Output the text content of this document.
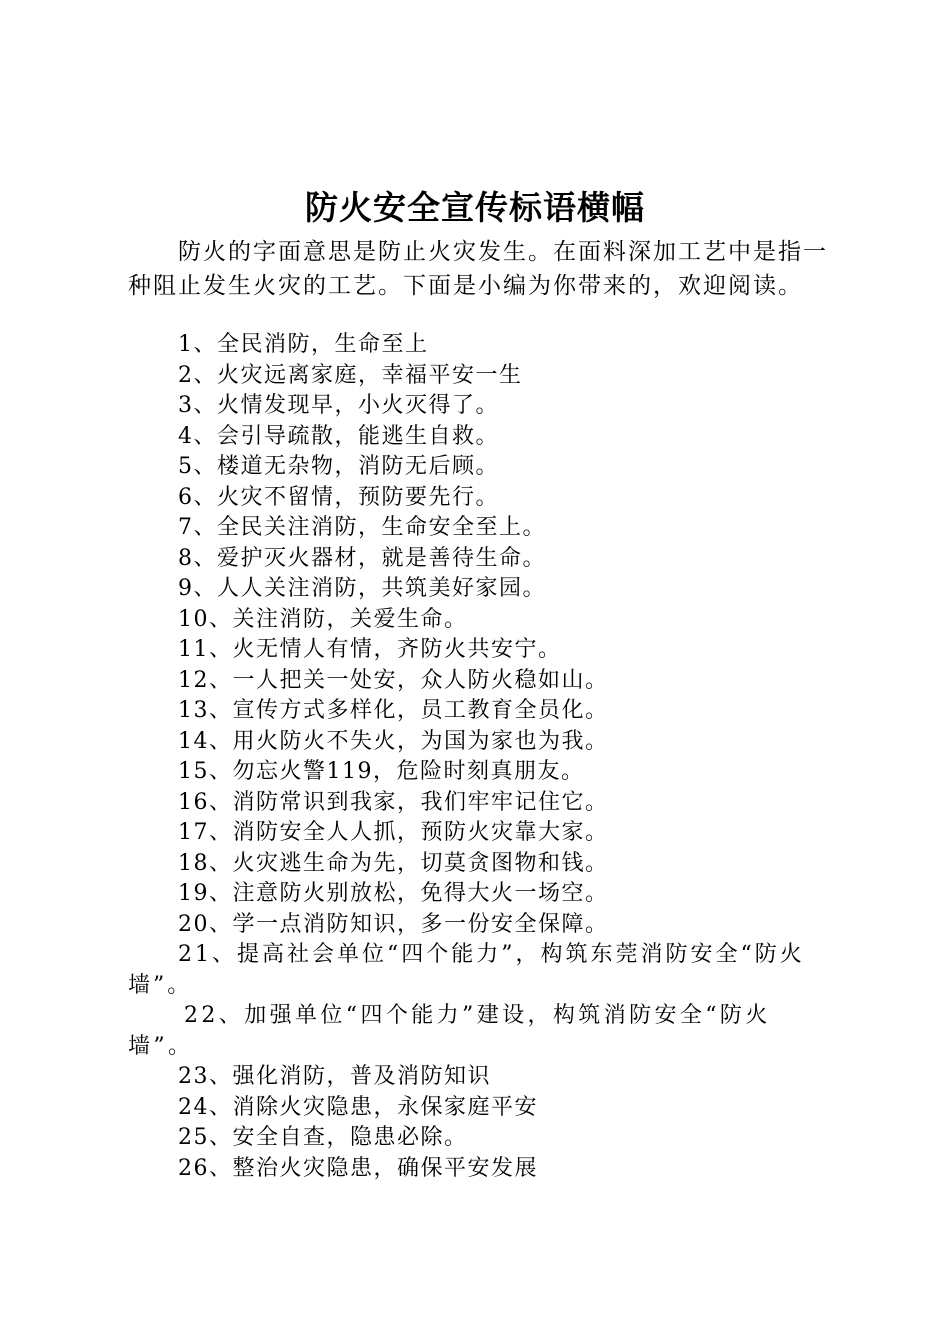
防火安全宣传标语横幅
防火的字面意思是防止火灾发生。在面料深加工艺中是指一种阻止发生火灾的工艺。下面是小编为你带来的，欢迎阅读。
1、全民消防，生命至上
2、火灾远离家庭，幸福平安一生
3、火情发现早，小火灭得了。
4、会引导疏散，能逃生自救。
5、楼道无杂物，消防无后顾。
6、火灾不留情，预防要先行。
7、全民关注消防，生命安全至上。
8、爱护灭火器材，就是善待生命。
9、人人关注消防，共筑美好家园。
10、关注消防，关爱生命。
11、火无情人有情，齐防火共安宁。
12、一人把关一处安，众人防火稳如山。
13、宣传方式多样化，员工教育全员化。
14、用火防火不失火，为国为家也为我。
15、勿忘火警119，危险时刻真朋友。
16、消防常识到我家，我们牢牢记住它。
17、消防安全人人抓，预防火灾靠大家。
18、火灾逃生命为先，切莫贪图物和钱。
19、注意防火别放松，免得大火一场空。
20、学一点消防知识，多一份安全保障。
21、提高社会单位“四个能力”，构筑东莞消防安全“防火墙”。
22、加强单位“四个能力”建设，构筑消防安全“防火墙”。
23、强化消防，普及消防知识
24、消除火灾隐患，永保家庭平安
25、安全自查，隐患必除。
26、整治火灾隐患，确保平安发展
